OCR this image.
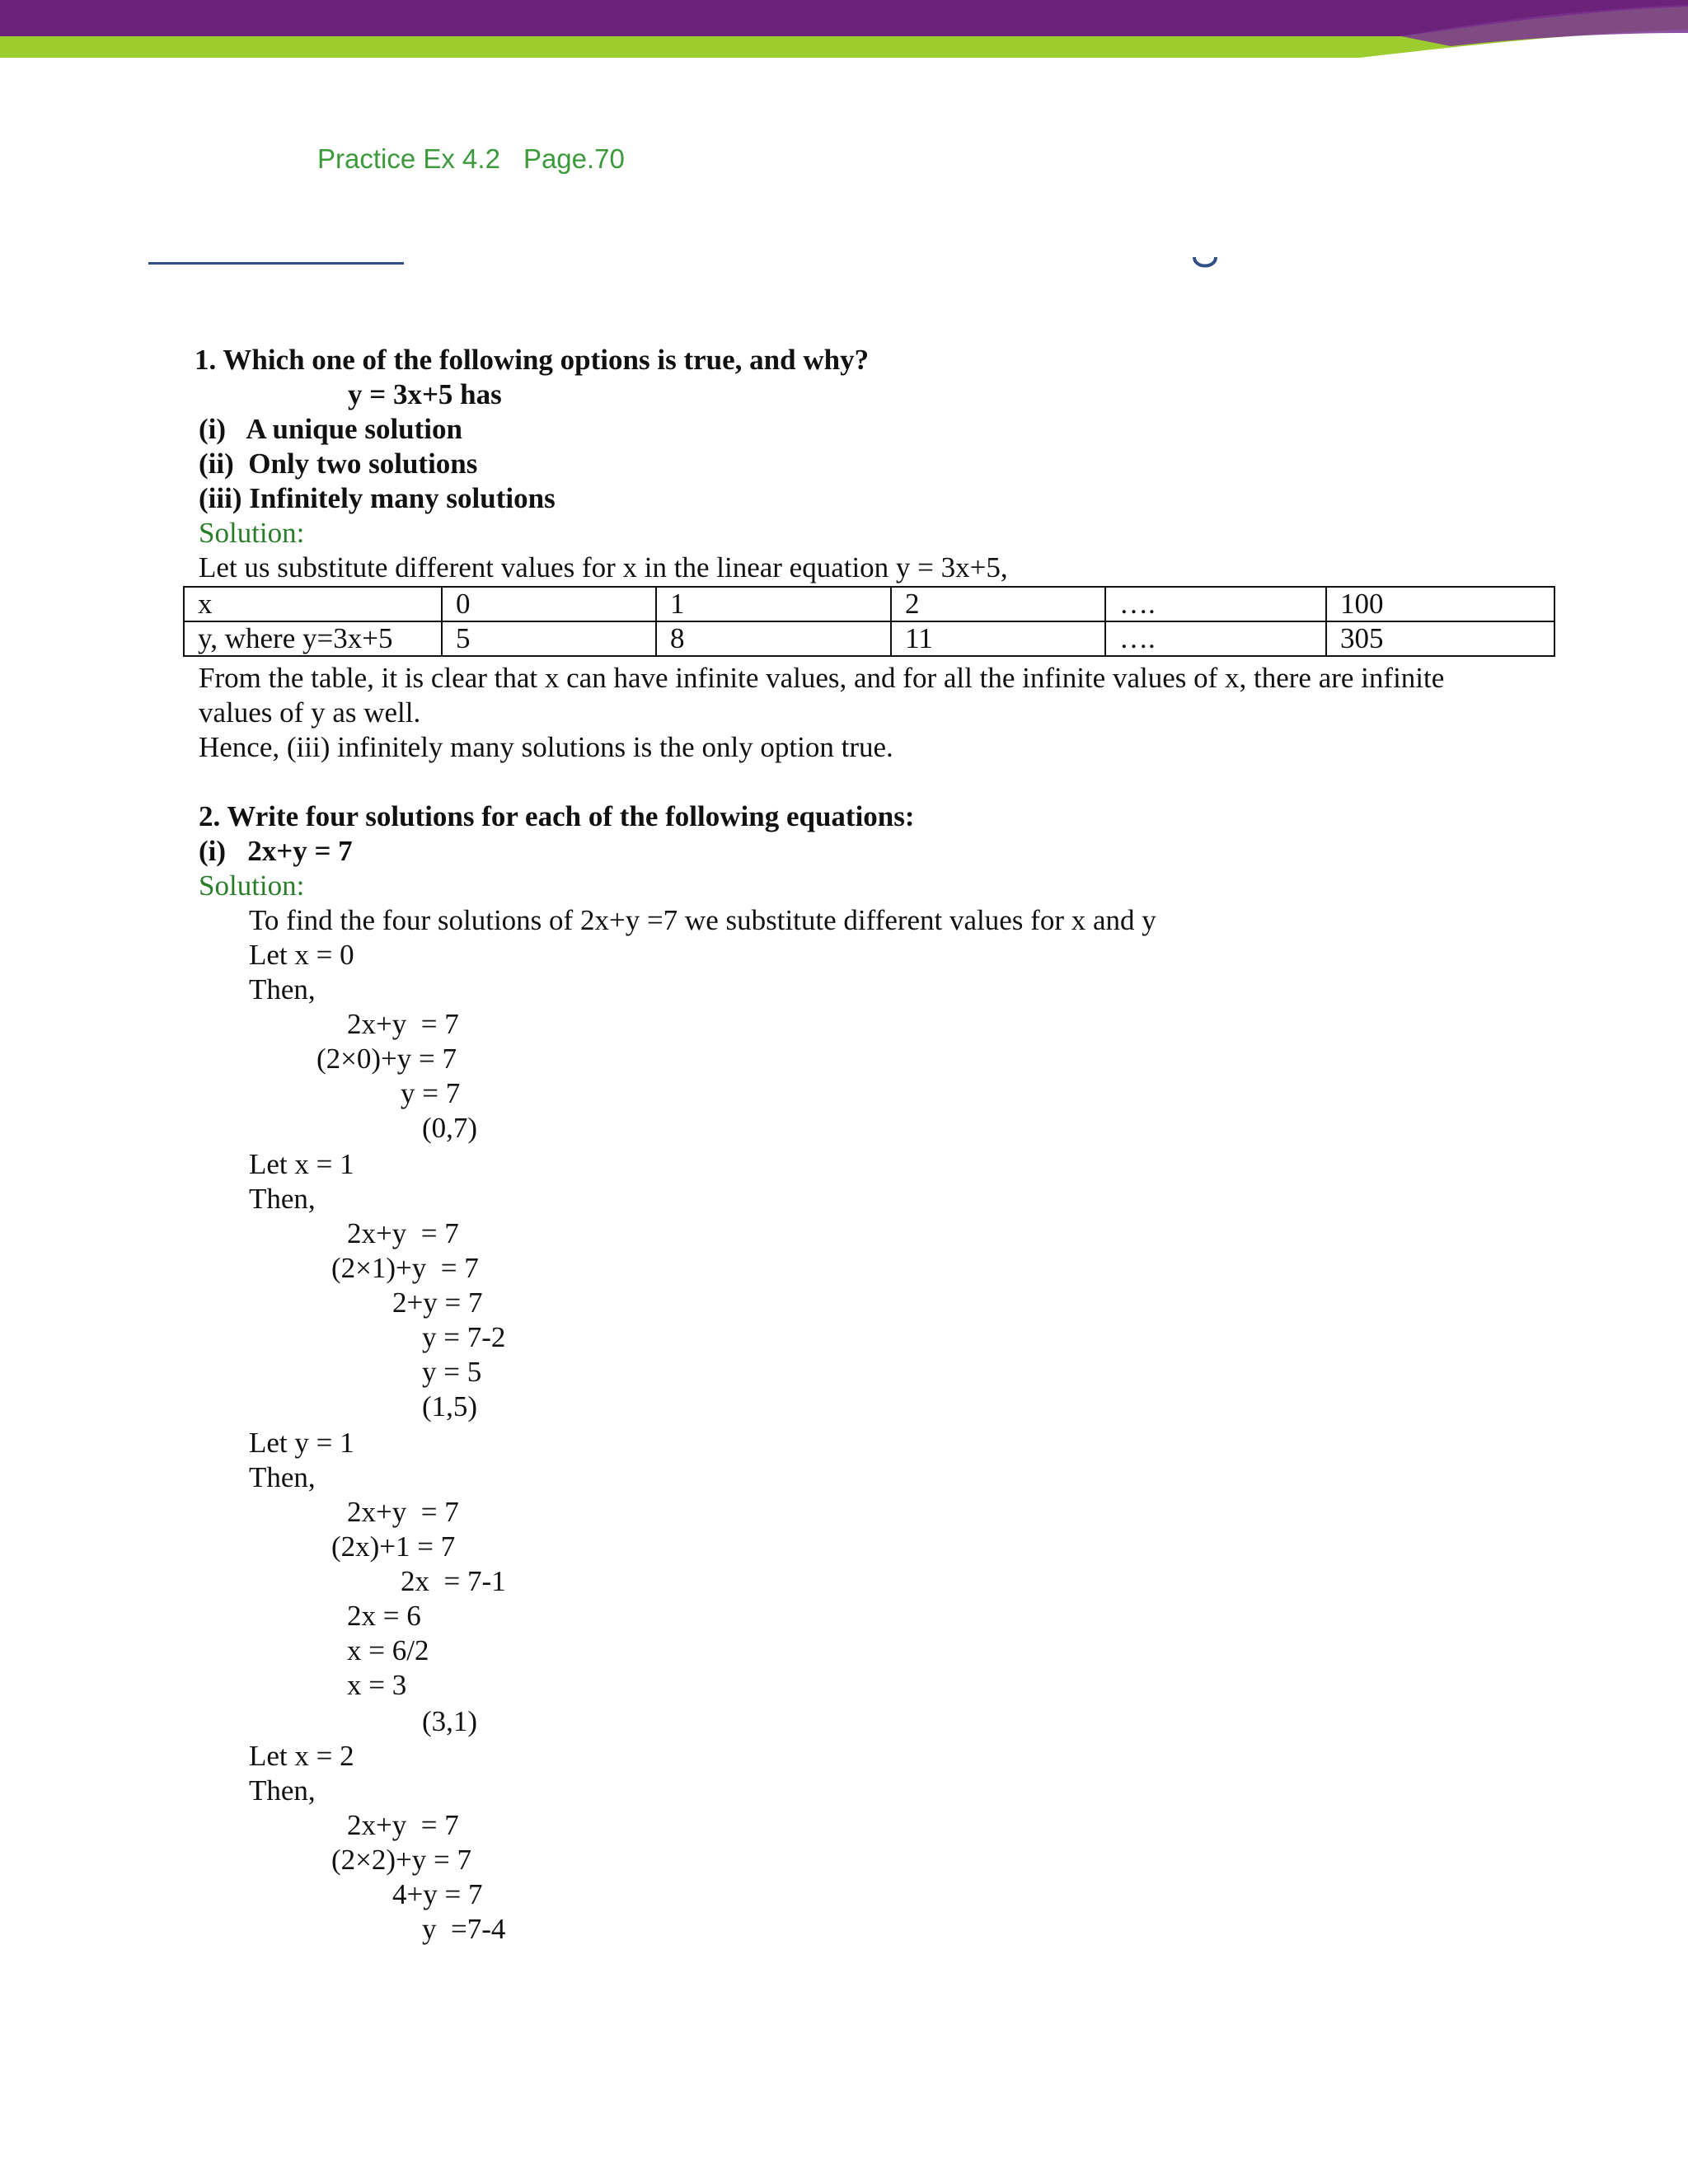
Practice Ex 4.2 Page.70
1. Which one of the following options is true, and why?
y = 3x+5 has
(i)   A unique solution
(ii)  Only two solutions
(iii) Infinitely many solutions
Solution:
Let us substitute different values for x in the linear equation y = 3x+5,
x	0	1	2	….	100
y, where y=3x+5	5	8	11	….	305
From the table, it is clear that x can have infinite values, and for all the infinite values of x, there are infinite
values of y as well.
Hence, (iii) infinitely many solutions is the only option true.
2. Write four solutions for each of the following equations:
(i)   2x+y = 7
Solution:
To find the four solutions of 2x+y =7 we substitute different values for x and y
Let x = 0
Then,
2x+y  = 7
(2×0)+y = 7
y = 7
(0,7)
Let x = 1
Then,
2x+y  = 7
(2×1)+y  = 7
2+y = 7
y = 7-2
y = 5
(1,5)
Let y = 1
Then,
2x+y  = 7
(2x)+1 = 7
2x  = 7-1
2x = 6
x = 6/2
x = 3
(3,1)
Let x = 2
Then,
2x+y  = 7
(2×2)+y = 7
4+y = 7
y  =7-4
